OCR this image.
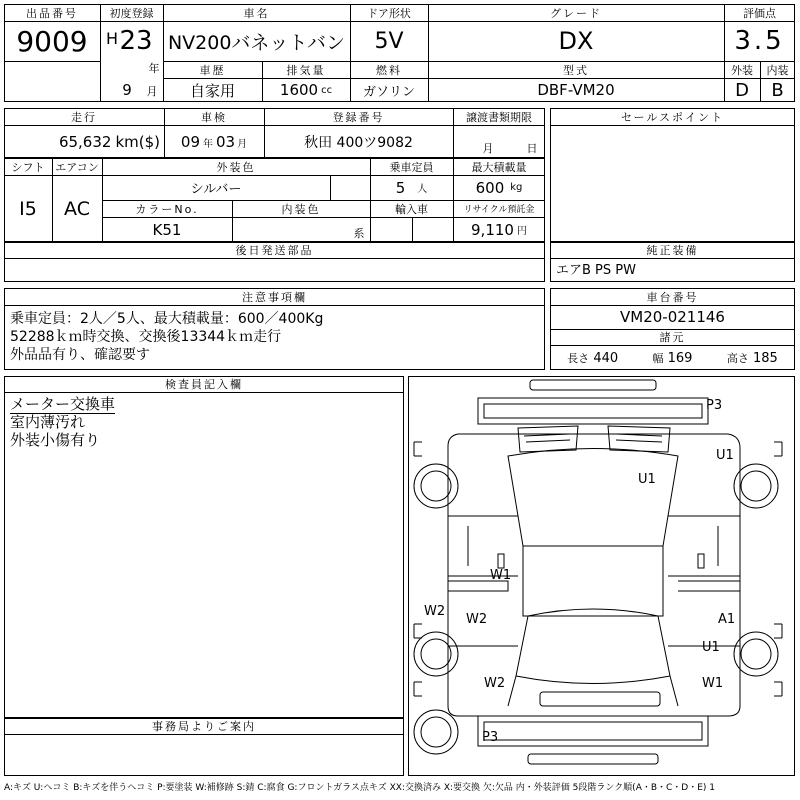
出品番号
9009
初度登録
H 23
年
9	月
車名
NV200バネットバン
ドア形状
5V
グレード
DX
評価点
3.5
車歴
自家用
排気量
1600 cc
燃料
ガソリン
型式
DBF-VM20
外装	内装
D	B
走行
65,632 km($)
車検
09 年 03 月
登録番号
秋田 400ツ9082
譲渡書類期限
月	日
セールスポイント
シフト
I5
エアコン
AC
外装色
シルバー
乗車定員
5 人
最大積載量
600 kg
カラーNo.
K51
内装色
系
輸入車	リサイクル預託金
9,110 円
後日発送部品	純正装備
エアB PS PW
注意事項欄
乗車定員：2人／5人、最大積載量：600／400Kg
52288ｋｍ時交換、交換後13344ｋｍ走行
外品品有り、確認要す
車台番号
VM20-021146
諸元
長さ 440	幅 169	高さ 185
検査員記入欄
メーター交換車
室内薄汚れ
外装小傷有り
事務局よりご案内
P3
U1
U1
W1
W2
W2	A1
U1
W2	W1
P3
A:キズ U:ヘコミ B:キズを伴うヘコミ P:要塗装 W:補修跡 S:錆 C:腐食 G:フロントガラス点キズ XX:交換済み X:要交換 欠:欠品 内・外装評価 5段階ランク順(A・B・C・D・E) 1
